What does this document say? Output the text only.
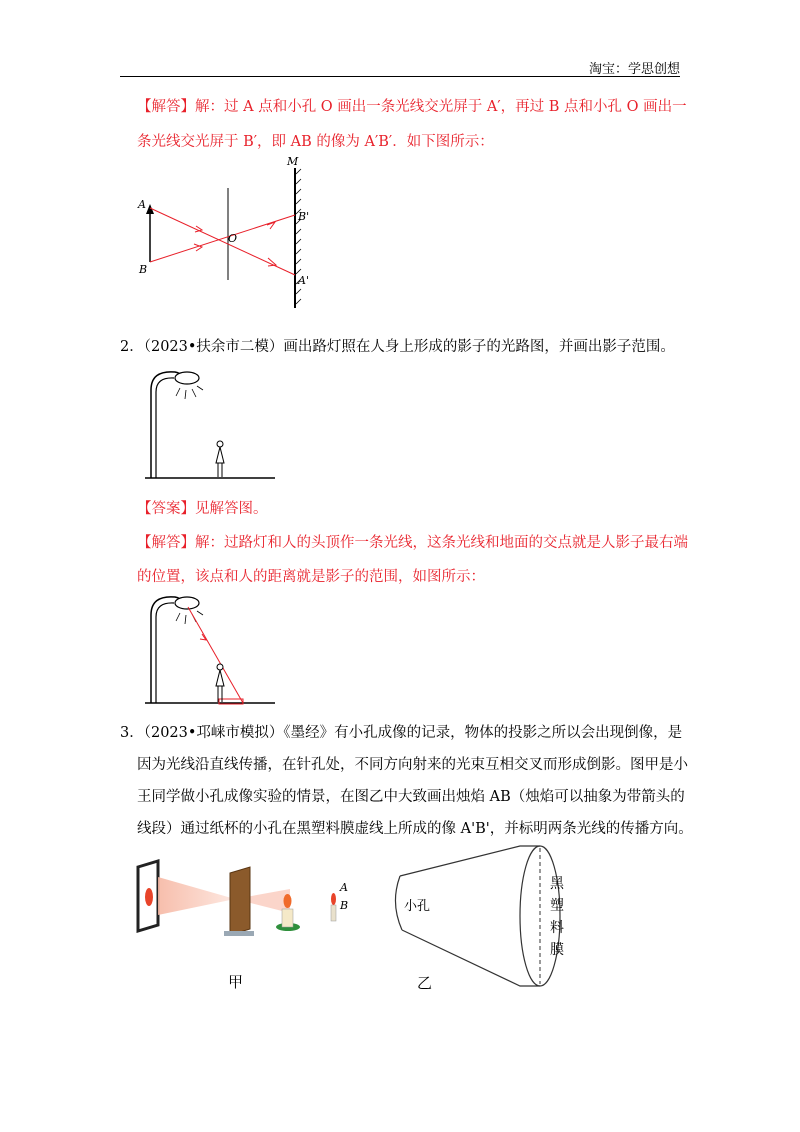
淘宝：学思创想
【解答】解：过 A 点和小孔 O 画出一条光线交光屏于 A′，再过 B 点和小孔 O 画出一
条光线交光屏于 B′，即 AB 的像为 A′B′．如下图所示：
A
B
O
M
B'
A'
2．（2023•扶余市二模）画出路灯照在人身上形成的影子的光路图，并画出影子范围。
【答案】见解答图。
【解答】解：过路灯和人的头顶作一条光线，这条光线和地面的交点就是人影子最右端
的位置，该点和人的距离就是影子的范围，如图所示：
3．（2023•邛崃市模拟）《墨经》有小孔成像的记录，物体的投影之所以会出现倒像，是
因为光线沿直线传播，在针孔处，不同方向射来的光束互相交叉而形成倒影。图甲是小
王同学做小孔成像实验的情景，在图乙中大致画出烛焰 AB（烛焰可以抽象为带箭头的
线段）通过纸杯的小孔在黑塑料膜虚线上所成的像 A'B'，并标明两条光线的传播方向。
A
B
甲
小孔
黑
塑
料
膜
乙
